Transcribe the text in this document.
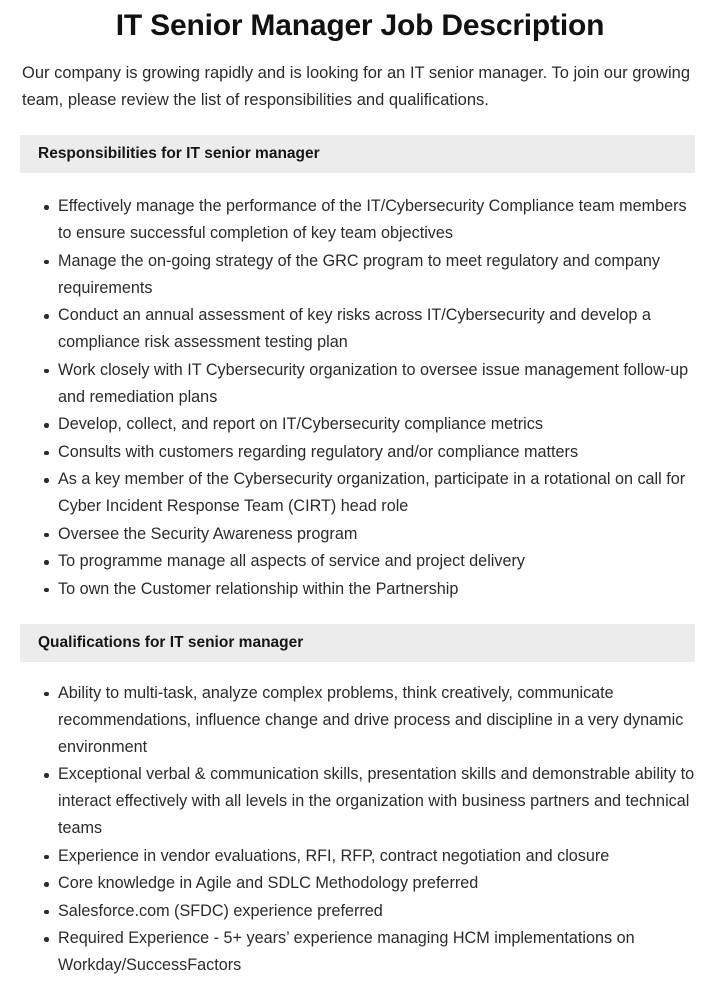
IT Senior Manager Job Description

Our company is growing rapidly and is looking for an IT senior manager. To join our growing team, please review the list of responsibilities and qualifications.

Responsibilities for IT senior manager
Effectively manage the performance of the IT/Cybersecurity Compliance team members to ensure successful completion of key team objectives
Manage the on-going strategy of the GRC program to meet regulatory and company requirements
Conduct an annual assessment of key risks across IT/Cybersecurity and develop a compliance risk assessment testing plan
Work closely with IT Cybersecurity organization to oversee issue management follow-up and remediation plans
Develop, collect, and report on IT/Cybersecurity compliance metrics
Consults with customers regarding regulatory and/or compliance matters
As a key member of the Cybersecurity organization, participate in a rotational on call for Cyber Incident Response Team (CIRT) head role
Oversee the Security Awareness program
To programme manage all aspects of service and project delivery
To own the Customer relationship within the Partnership
Qualifications for IT senior manager
Ability to multi-task, analyze complex problems, think creatively, communicate recommendations, influence change and drive process and discipline in a very dynamic environment
Exceptional verbal & communication skills, presentation skills and demonstrable ability to interact effectively with all levels in the organization with business partners and technical teams
Experience in vendor evaluations, RFI, RFP, contract negotiation and closure
Core knowledge in Agile and SDLC Methodology preferred
Salesforce.com (SFDC) experience preferred
Required Experience - 5+ years’ experience managing HCM implementations on Workday/SuccessFactors
